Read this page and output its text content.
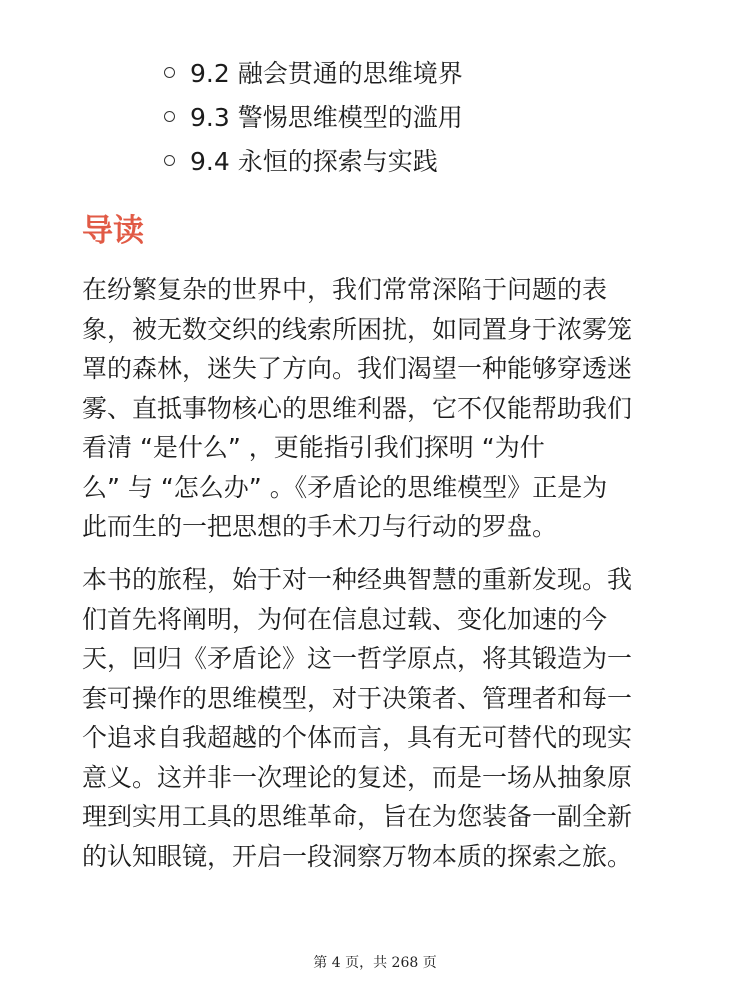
9.2 融会贯通的思维境界
9.3 警惕思维模型的滥用
9.4 永恒的探索与实践
导读

在纷繁复杂的世界中，我们常常深陷于问题的表
象，被无数交织的线索所困扰，如同置身于浓雾笼
罩的森林，迷失了方向。我们渴望一种能够穿透迷
雾、直抵事物核心的思维利器，它不仅能帮助我们
看清 “是什么” ，更能指引我们探明 “为什
么” 与 “怎么办” 。《矛盾论的思维模型》正是为
此而生的一把思想的手术刀与行动的罗盘。

本书的旅程，始于对一种经典智慧的重新发现。我
们首先将阐明，为何在信息过载、变化加速的今
天，回归《矛盾论》这一哲学原点，将其锻造为一
套可操作的思维模型，对于决策者、管理者和每一
个追求自我超越的个体而言，具有无可替代的现实
意义。这并非一次理论的复述，而是一场从抽象原
理到实用工具的思维革命，旨在为您装备一副全新
的认知眼镜，开启一段洞察万物本质的探索之旅。

第 4 页，共 268 页
